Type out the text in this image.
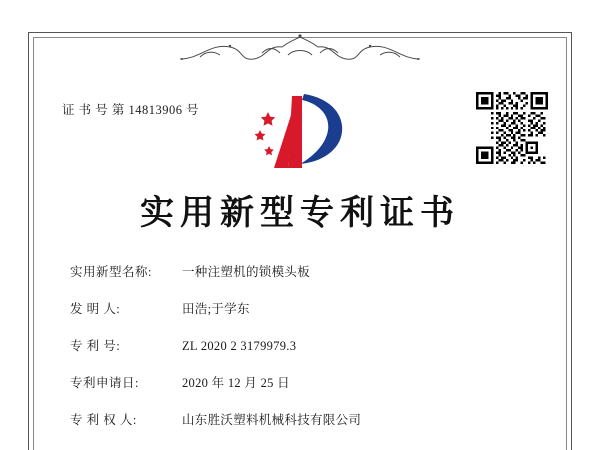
证 书 号 第 14813906 号
实用新型专利证书
实用新型名称:	一种注塑机的锁模头板
发 明 人:	田浩;于学东
专 利 号:	ZL 2020 2 3179979.3
专利申请日:	2020 年 12 月 25 日
专 利 权 人:	山东胜沃塑料机械科技有限公司
